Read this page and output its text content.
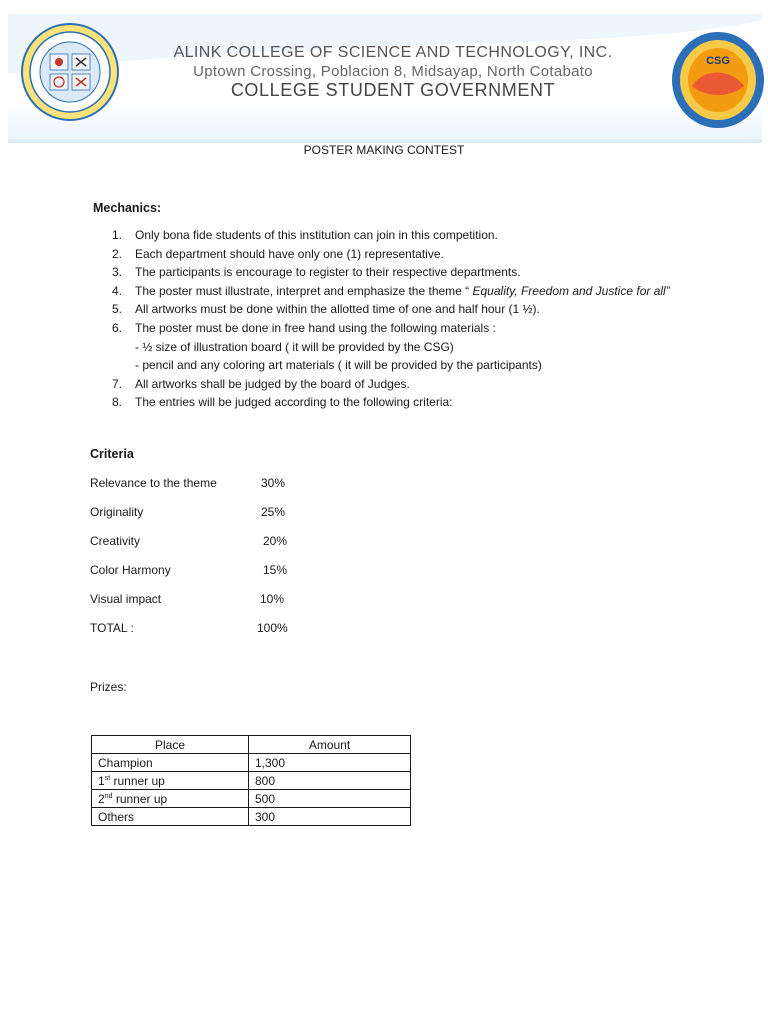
CSG
ALINK COLLEGE OF SCIENCE AND TECHNOLOGY, INC.
Uptown Crossing, Poblacion 8, Midsayap, North Cotabato
COLLEGE STUDENT GOVERNMENT
POSTER MAKING CONTEST
Mechanics:
1. Only bona fide students of this institution can join in this competition.
2. Each department should have only one (1) representative.
3. The participants is encourage to register to their respective departments.
4. The poster must illustrate, interpret and emphasize the theme “ Equality, Freedom and Justice for all”
5. All artworks must be done within the allotted time of one and half hour (1 ½).
6. The poster must be done in free hand using the following materials :
- ½ size of illustration board ( it will be provided by the CSG)
- pencil and any coloring art materials ( it will be provided by the participants)
7. All artworks shall be judged by the board of Judges.
8. The entries will be judged according to the following criteria:
Criteria
Relevance to the theme	30%
Originality	25%
Creativity	20%
Color Harmony	15%
Visual impact	10%
TOTAL :	100%
Prizes:
Place	Amount
Champion	1,300
1st runner up	800
2nd runner up	500
Others	300
